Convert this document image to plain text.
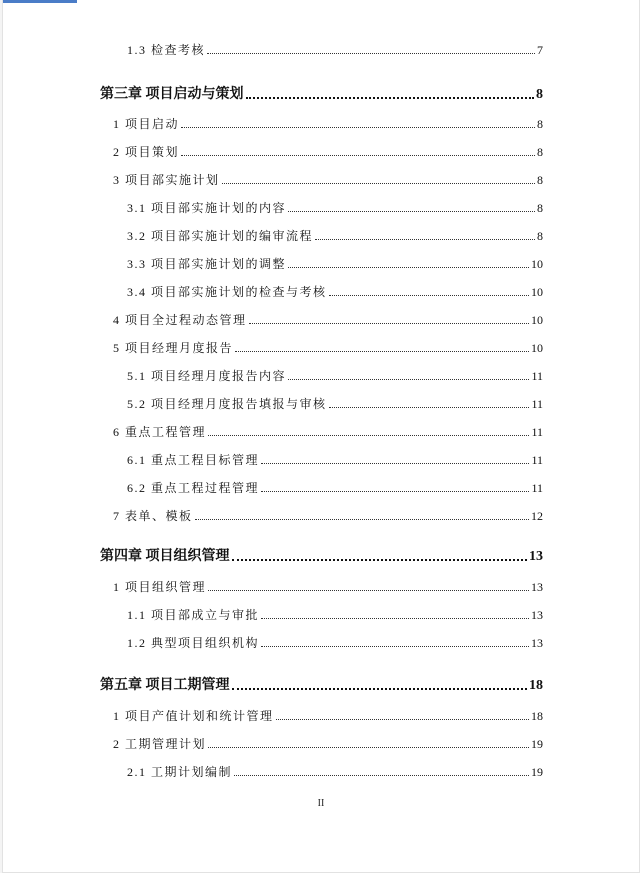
1.3 检查考核	7
第三章 项目启动与策划	8
1 项目启动	8
2 项目策划	8
3 项目部实施计划	8
3.1 项目部实施计划的内容	8
3.2 项目部实施计划的编审流程	8
3.3 项目部实施计划的调整	10
3.4 项目部实施计划的检查与考核	10
4 项目全过程动态管理	10
5 项目经理月度报告	10
5.1 项目经理月度报告内容	11
5.2 项目经理月度报告填报与审核	11
6 重点工程管理	11
6.1 重点工程目标管理	11
6.2 重点工程过程管理	11
7 表单、模板	12
第四章 项目组织管理	13
1 项目组织管理	13
1.1 项目部成立与审批	13
1.2 典型项目组织机构	13
第五章 项目工期管理	18
1 项目产值计划和统计管理	18
2 工期管理计划	19
2.1 工期计划编制	19
II
